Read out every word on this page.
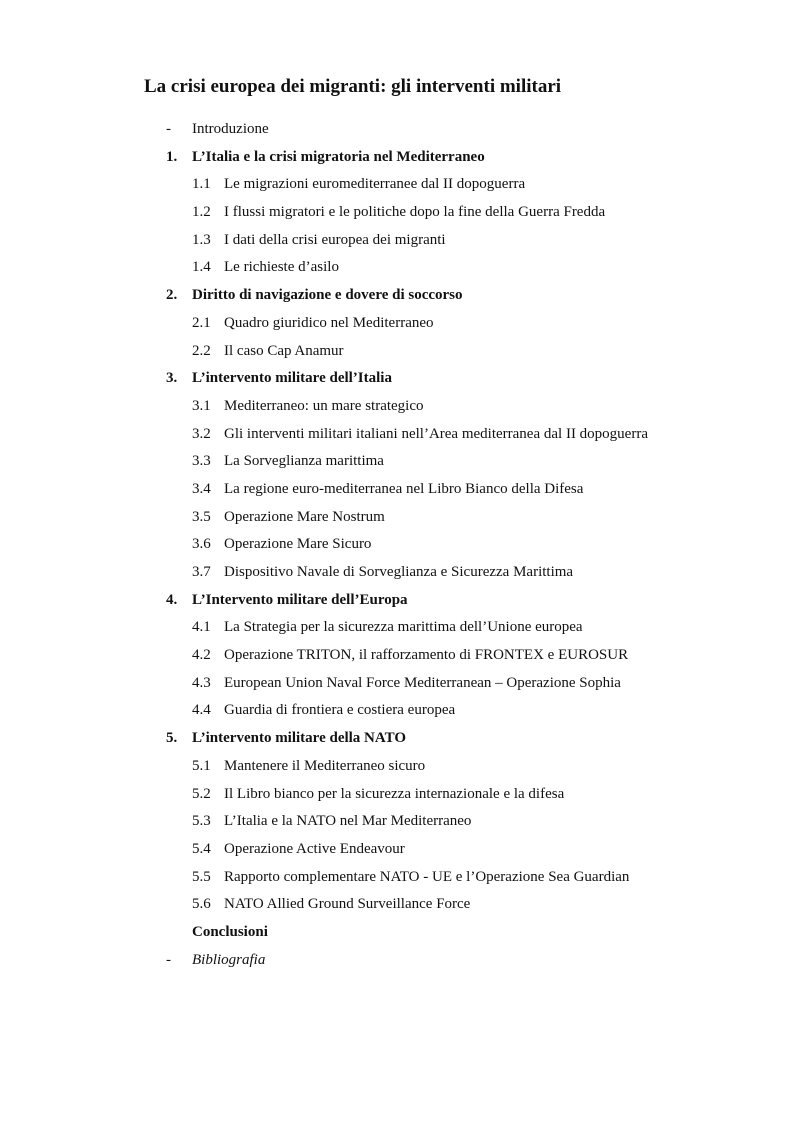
La crisi europea dei migranti: gli interventi militari
- Introduzione
1. L’Italia e la crisi migratoria nel Mediterraneo
1.1 Le migrazioni euromediterranee dal II dopoguerra
1.2 I flussi migratori e le politiche dopo la fine della Guerra Fredda
1.3 I dati della crisi europea dei migranti
1.4 Le richieste d’asilo
2. Diritto di navigazione e dovere di soccorso
2.1 Quadro giuridico nel Mediterraneo
2.2 Il caso Cap Anamur
3. L’intervento militare dell’Italia
3.1 Mediterraneo: un mare strategico
3.2 Gli interventi militari italiani nell’Area mediterranea dal II dopoguerra
3.3 La Sorveglianza marittima
3.4 La regione euro-mediterranea nel Libro Bianco della Difesa
3.5 Operazione Mare Nostrum
3.6 Operazione Mare Sicuro
3.7 Dispositivo Navale di Sorveglianza e Sicurezza Marittima
4. L’Intervento militare dell’Europa
4.1 La Strategia per la sicurezza marittima dell’Unione europea
4.2 Operazione TRITON, il rafforzamento di FRONTEX e EUROSUR
4.3 European Union Naval Force Mediterranean – Operazione Sophia
4.4 Guardia di frontiera e costiera europea
5. L’intervento militare della NATO
5.1 Mantenere il Mediterraneo sicuro
5.2 Il Libro bianco per la sicurezza internazionale e la difesa
5.3 L’Italia e la NATO nel Mar Mediterraneo
5.4 Operazione Active Endeavour
5.5 Rapporto complementare NATO - UE e l’Operazione Sea Guardian
5.6 NATO Allied Ground Surveillance Force
Conclusioni
- Bibliografia
